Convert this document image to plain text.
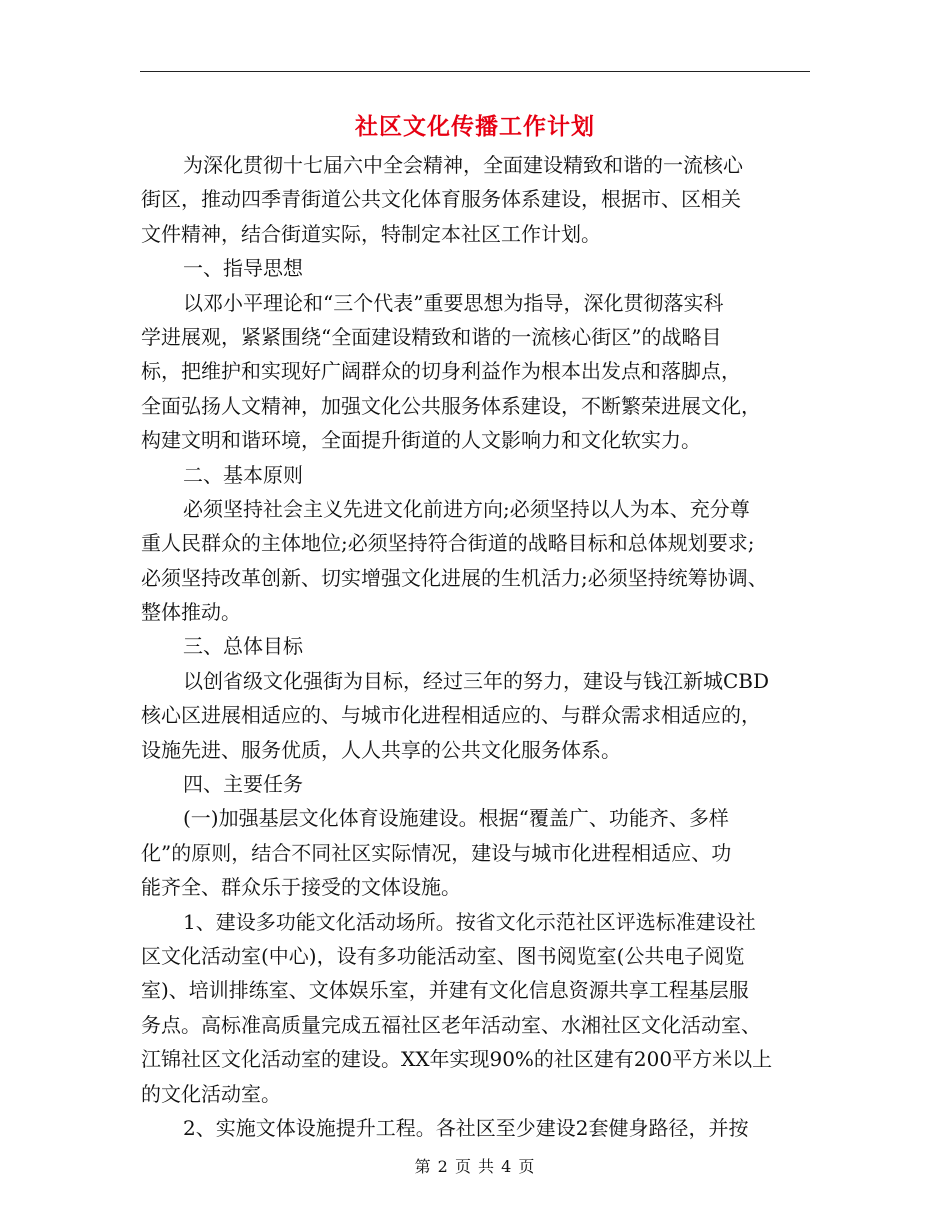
社区文化传播工作计划
为深化贯彻十七届六中全会精神，全面建设精致和谐的一流核心
街区，推动四季青街道公共文化体育服务体系建设，根据市、区相关
文件精神，结合街道实际，特制定本社区工作计划。
一、指导思想
以邓小平理论和“三个代表”重要思想为指导，深化贯彻落实科
学进展观，紧紧围绕“全面建设精致和谐的一流核心街区”的战略目
标，把维护和实现好广阔群众的切身利益作为根本出发点和落脚点，
全面弘扬人文精神，加强文化公共服务体系建设，不断繁荣进展文化，
构建文明和谐环境，全面提升街道的人文影响力和文化软实力。
二、基本原则
必须坚持社会主义先进文化前进方向;必须坚持以人为本、充分尊
重人民群众的主体地位;必须坚持符合街道的战略目标和总体规划要求;
必须坚持改革创新、切实增强文化进展的生机活力;必须坚持统筹协调、
整体推动。
三、总体目标
以创省级文化强街为目标，经过三年的努力，建设与钱江新城CBD
核心区进展相适应的、与城市化进程相适应的、与群众需求相适应的，
设施先进、服务优质，人人共享的公共文化服务体系。
四、主要任务
(一)加强基层文化体育设施建设。根据“覆盖广、功能齐、多样
化”的原则，结合不同社区实际情况，建设与城市化进程相适应、功
能齐全、群众乐于接受的文体设施。
1、建设多功能文化活动场所。按省文化示范社区评选标准建设社
区文化活动室(中心)，设有多功能活动室、图书阅览室(公共电子阅览
室)、培训排练室、文体娱乐室，并建有文化信息资源共享工程基层服
务点。高标准高质量完成五福社区老年活动室、水湘社区文化活动室、
江锦社区文化活动室的建设。XX年实现90%的社区建有200平方米以上
的文化活动室。
2、实施文体设施提升工程。各社区至少建设2套健身路径，并按
第 2 页 共 4 页
